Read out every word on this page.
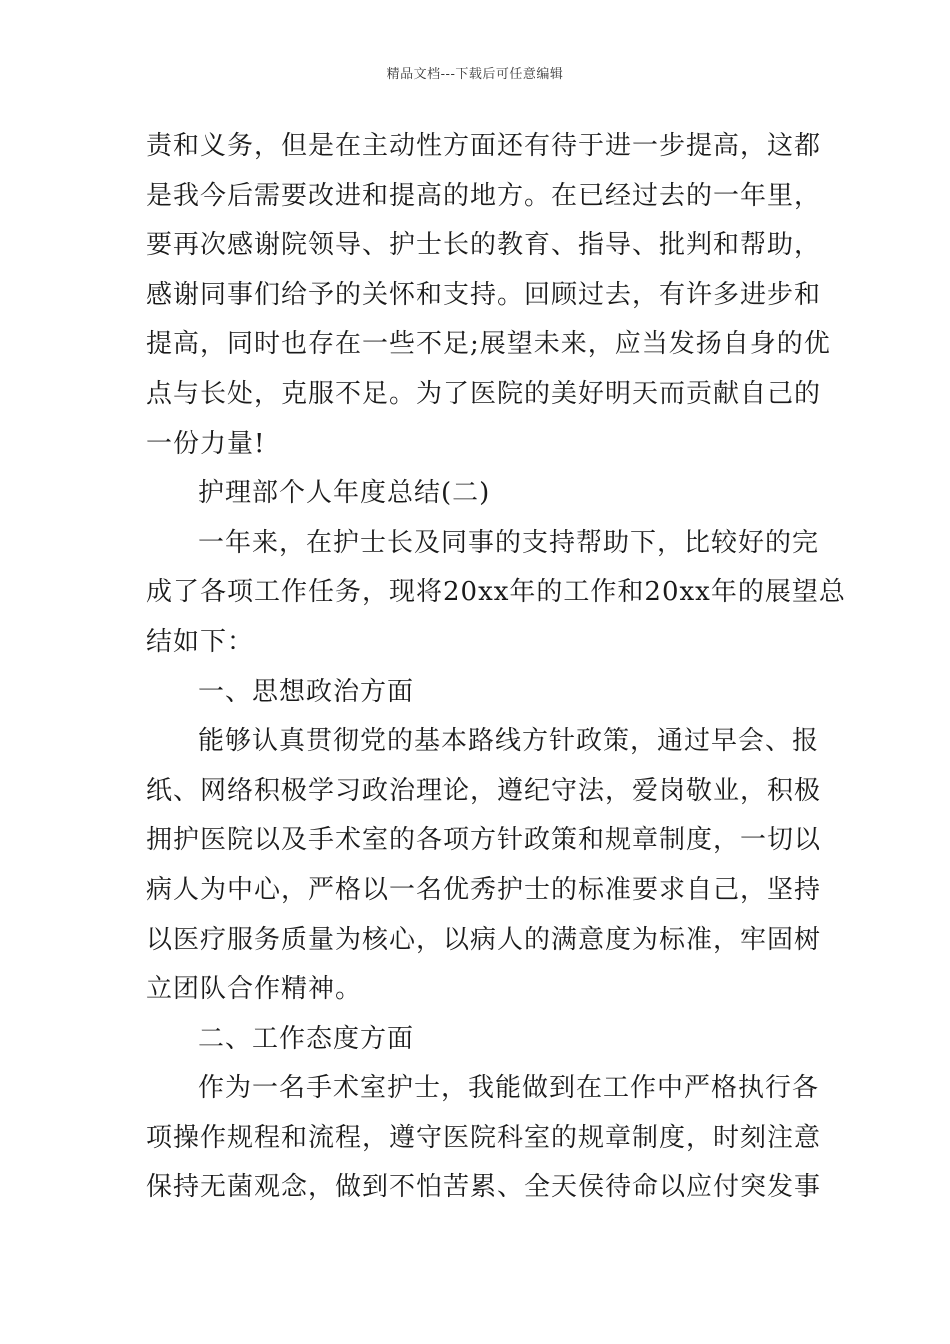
精品文档---下载后可任意编辑
责和义务，但是在主动性方面还有待于进一步提高，这都
是我今后需要改进和提高的地方。在已经过去的一年里，
要再次感谢院领导、护士长的教育、指导、批判和帮助，
感谢同事们给予的关怀和支持。回顾过去，有许多进步和
提高，同时也存在一些不足;展望未来，应当发扬自身的优
点与长处，克服不足。为了医院的美好明天而贡献自己的
一份力量!
护理部个人年度总结(二)
一年来，在护士长及同事的支持帮助下，比较好的完
成了各项工作任务，现将20xx年的工作和20xx年的展望总
结如下：
一、思想政治方面
能够认真贯彻党的基本路线方针政策，通过早会、报
纸、网络积极学习政治理论，遵纪守法，爱岗敬业，积极
拥护医院以及手术室的各项方针政策和规章制度，一切以
病人为中心，严格以一名优秀护士的标准要求自己，坚持
以医疗服务质量为核心，以病人的满意度为标准，牢固树
立团队合作精神。
二、工作态度方面
作为一名手术室护士，我能做到在工作中严格执行各
项操作规程和流程，遵守医院科室的规章制度，时刻注意
保持无菌观念，做到不怕苦累、全天侯待命以应付突发事
